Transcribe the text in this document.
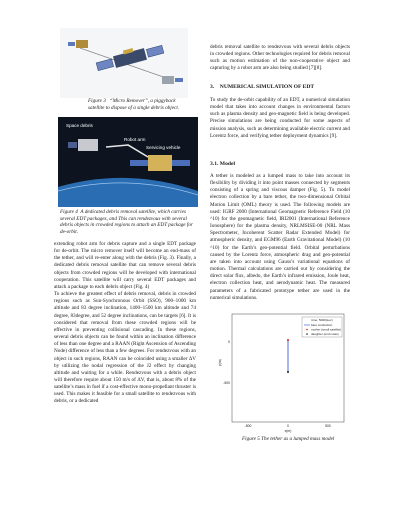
Figure 3 “Micro Remover”, a piggyback satellite to dispose of a single debris object.
Space debris
Robot arm
Servicing vehicle
Figure 4 A dedicated debris removal satellite, which carries several EDT packages, and This can rendezvous with several debris objects in crowded regions to attach an EDT package for de-orbit.

extending robot arm for debris capture and a single EDT package for de-orbit. The micro remover itself will become an end-mass of the tether, and will re-enter along with the debris (Fig. 3). Finally, a dedicated debris removal satellite that can remove several debris objects from crowded regions will be developed with international cooperation. This satellite will carry several EDT packages and attach a package to each debris object (Fig. 4)

To achieve the greatest effect of debris removal, debris in crowded regions such as Sun-Synchronous Orbit (SSO), 900–1000 km altitude and 83 degree inclination, 1400–1500 km altitude and 74 degree, 83degree, and 52 degree inclinations, can be targets [6]. It is considered that removal from these crowded regions will be effective in preventing collisional cascading. In these regions, several debris objects can be found within an inclination difference of less than one degree and a RAAN (Right Ascension of Ascending Node) difference of less than a few degrees. For rendezvous with an object in such regions, RAAN can be coincided using a smaller ΔV by utilizing the nodal regression of the J2 effect by changing altitude and waiting for a while. Rendezvous with a debris object will therefore require about 150 m/s of ΔV, that is, about 8% of the satellite’s mass in fuel if a cost-effective mono-propellant thruster is used. This makes it feasible for a small satellite to rendezvous with debris, or a dedicated

debris removal satellite to rendezvous with several debris objects in crowded regions. Other technologies required for debris removal such as motion estimation of the non-cooperative object and capturing by a robot arm are also being studied [7][8].

3. NUMERICAL SIMULATION OF EDT

To study the de-orbit capability of an EDT, a numerical simulation model that takes into account changes in environmental factors such as plasma density and geo-magnetic field is being developed. Precise simulations are being conducted for some aspects of mission analysis, such as determining available electric current and Lorentz force, and verifying tether deployment dynamics [9].

3.1. Model

A tether is modeled as a lumped mass to take into account its flexibility by dividing it into point masses connected by segments consisting of a spring and viscous damper (Fig. 5). To model electron collection by a bare tether, the two-dimensional Orbital Motion Limit (OML) theory is used. The following models are used: IGRF 2000 (International Geomagnetic Reference Field (10 ^10) for the geomagnetic field, IRI2001 (International Reference Ionosphere) for the plasma density, NRLMSISE-00 (NRL Mass Spectrometer, Incoherent Scatter Radar Extended Model) for atmospheric density, and EGM96 (Earth Gravitational Model) (10 ^10) for the Earth’s geo-potential field. Orbital perturbations caused by the Lorentz force, atmospheric drag and geo-potential are taken into account using Gauss’s variational equations of motion. Thermal calculations are carried out by considering the direct solar flux, albedo, the Earth’s infrared emission, Joule heat, electron collection heat, and aerodynamic heat. The measured parameters of a fabricated prototype tether are used in the numerical simulations.

time: 5000(sec)
bare conduction
mother (small satellite)
daughter (end mass)
0
-500
y(m)
-500	0	500
x(m)
Figure 5 The tether as a lumped mass model
